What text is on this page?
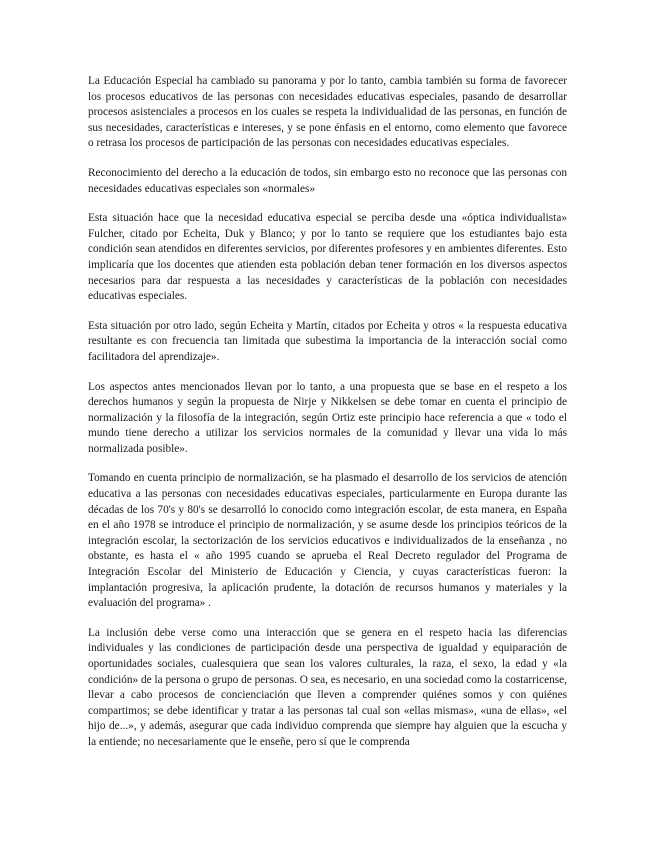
La Educación Especial ha cambiado su panorama y por lo tanto, cambia también su forma de favorecer los procesos educativos de las personas con necesidades educativas especiales, pasando de desarrollar procesos asistenciales a procesos en los cuales se respeta la individualidad de las personas, en función de sus necesidades, características e intereses, y se pone énfasis en el entorno, como elemento que favorece o retrasa los procesos de participación de las personas con necesidades educativas especiales.

Reconocimiento del derecho a la educación de todos, sin embargo esto no reconoce que las personas con necesidades educativas especiales son «normales»

Esta situación hace que la necesidad educativa especial se perciba desde una «óptica individualista» Fulcher, citado por Echeita, Duk y Blanco; y por lo tanto se requiere que los estudiantes bajo esta condición sean atendidos en diferentes servicios, por diferentes profesores y en ambientes diferentes. Esto implicaría que los docentes que atienden esta población deban tener formación en los diversos aspectos necesarios para dar respuesta a las necesidades y características de la población con necesidades educativas especiales.

Esta situación por otro lado, según Echeita y Martín, citados por Echeita y otros « la respuesta educativa resultante es con frecuencia tan limitada que subestima la importancia de la interacción social como facilitadora del aprendizaje».

Los aspectos antes mencionados llevan por lo tanto, a una propuesta que se base en el respeto a los derechos humanos y según la propuesta de Nirje y Nikkelsen se debe tomar en cuenta el principio de normalización y la filosofía de la integración, según Ortiz este principio hace referencia a que « todo el mundo tiene derecho a utilizar los servicios normales de la comunidad y llevar una vida lo más normalizada posible».

Tomando en cuenta principio de normalización, se ha plasmado el desarrollo de los servicios de atención educativa a las personas con necesidades educativas especiales, particularmente en Europa durante las décadas de los 70's y 80's se desarrolló lo conocido como integración escolar, de esta manera, en España en el año 1978 se introduce el principio de normalización, y se asume desde los principios teóricos de la integración escolar, la sectorización de los servicios educativos e individualizados de la enseñanza , no obstante, es hasta el « año 1995 cuando se aprueba el Real Decreto regulador del Programa de Integración Escolar del Ministerio de Educación y Ciencia, y cuyas características fueron: la implantación progresiva, la aplicación prudente, la dotación de recursos humanos y materiales y la evaluación del programa» .

La inclusión debe verse como una interacción que se genera en el respeto hacia las diferencias individuales y las condiciones de participación desde una perspectiva de igualdad y equiparación de oportunidades sociales, cualesquiera que sean los valores culturales, la raza, el sexo, la edad y «la condición» de la persona o grupo de personas. O sea, es necesario, en una sociedad como la costarricense, llevar a cabo procesos de concienciación que lleven a comprender quiénes somos y con quiénes compartimos; se debe identificar y tratar a las personas tal cual son «ellas mismas», «una de ellas», «el hijo de...», y además, asegurar que cada individuo comprenda que siempre hay alguien que la escucha y la entiende; no necesariamente que le enseñe, pero sí que le comprenda
